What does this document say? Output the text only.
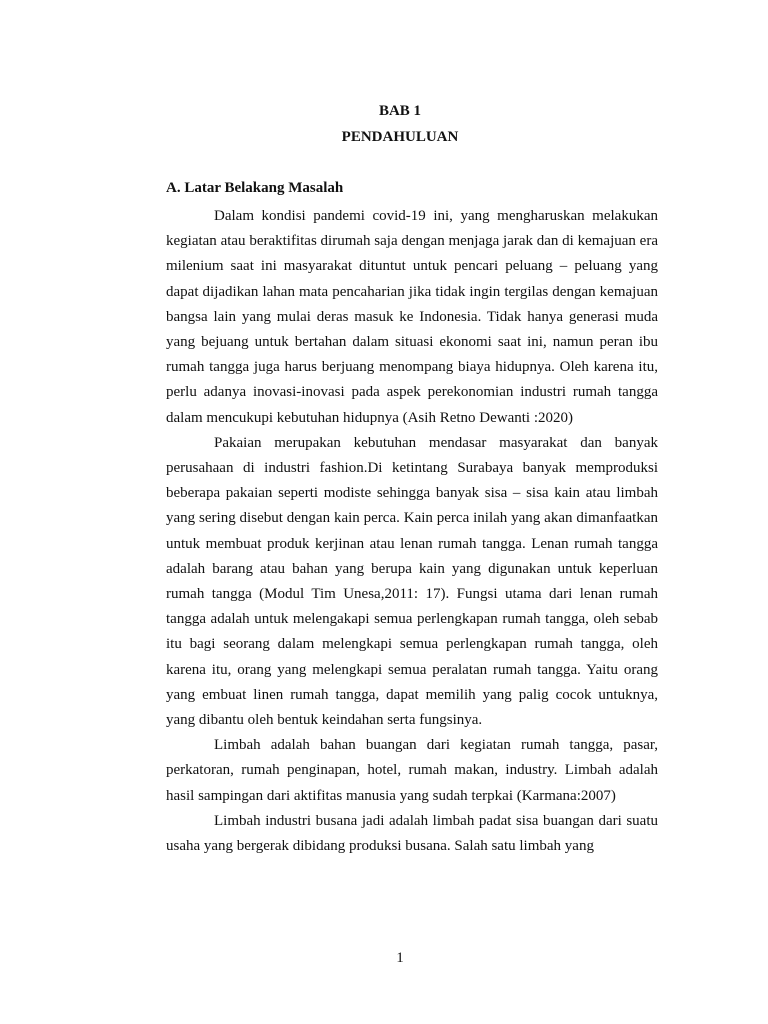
BAB 1
PENDAHULUAN
A. Latar Belakang Masalah

Dalam kondisi pandemi covid-19 ini, yang mengharuskan melakukan kegiatan atau beraktifitas dirumah saja dengan menjaga jarak dan di kemajuan era milenium saat ini masyarakat dituntut untuk pencari peluang – peluang yang dapat dijadikan lahan mata pencaharian jika tidak ingin tergilas dengan kemajuan bangsa lain yang mulai deras masuk ke Indonesia. Tidak hanya generasi muda yang bejuang untuk bertahan dalam situasi ekonomi saat ini, namun peran ibu rumah tangga juga harus berjuang menompang biaya hidupnya. Oleh karena itu, perlu adanya inovasi-inovasi pada aspek perekonomian industri rumah tangga dalam mencukupi kebutuhan hidupnya (Asih Retno Dewanti :2020)

Pakaian merupakan kebutuhan mendasar masyarakat dan banyak perusahaan di industri fashion.Di ketintang Surabaya banyak memproduksi beberapa pakaian seperti modiste sehingga banyak sisa – sisa kain atau limbah yang sering disebut dengan kain perca. Kain perca inilah yang akan dimanfaatkan untuk membuat produk kerjinan atau lenan rumah tangga. Lenan rumah tangga adalah barang atau bahan yang berupa kain yang digunakan untuk keperluan rumah tangga (Modul Tim Unesa,2011: 17). Fungsi utama dari lenan rumah tangga adalah untuk melengakapi semua perlengkapan rumah tangga, oleh sebab itu bagi seorang dalam melengkapi semua perlengkapan rumah tangga, oleh karena itu, orang yang melengkapi semua peralatan rumah tangga. Yaitu orang yang embuat linen rumah tangga, dapat memilih yang palig cocok untuknya, yang dibantu oleh bentuk keindahan serta fungsinya.

Limbah adalah bahan buangan dari kegiatan rumah tangga, pasar, perkatoran, rumah penginapan, hotel, rumah makan, industry. Limbah adalah hasil sampingan dari aktifitas manusia yang sudah terpkai (Karmana:2007)

Limbah industri busana jadi adalah limbah padat sisa buangan dari suatu usaha yang bergerak dibidang produksi busana. Salah satu limbah yang

1
